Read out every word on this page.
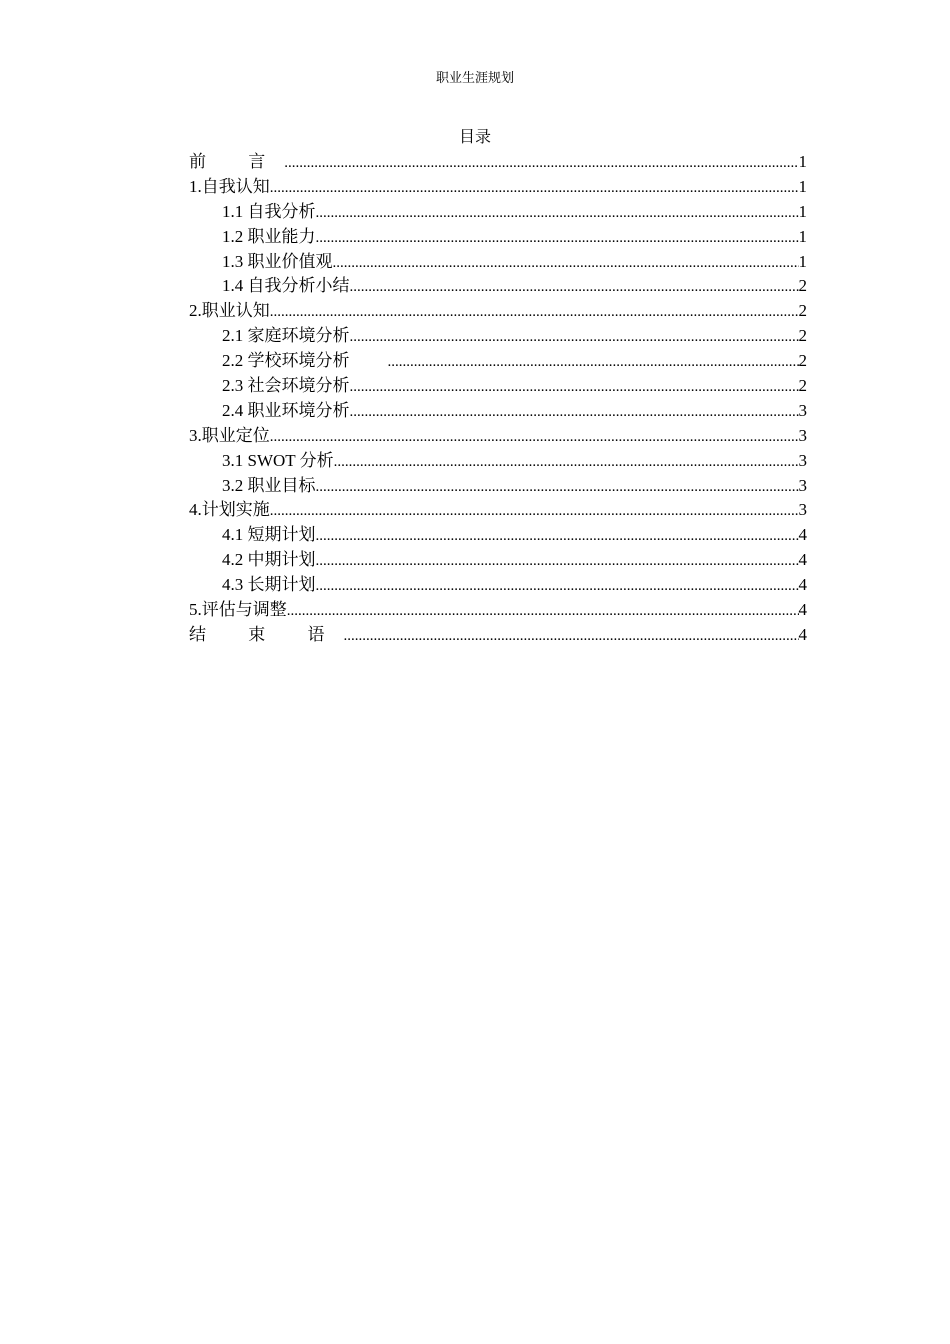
职业生涯规划
目录
前 言 .....	1
1.自我认知 .....	1
1.1 自我分析 .....	1
1.2 职业能力 .....	1
1.3 职业价值观 .....	1
1.4 自我分析小结 .....	2
2.职业认知 .....	2
2.1 家庭环境分析 .....	2
2.2 学校环境分析 .....	2
2.3 社会环境分析 .....	2
2.4 职业环境分析 .....	3
3.职业定位 .....	3
3.1 SWOT 分析 .....	3
3.2 职业目标 .....	3
4.计划实施 .....	3
4.1 短期计划 .....	4
4.2 中期计划 .....	4
4.3 长期计划 .....	4
5.评估与调整 .....	4
结 束 语 .....	4
